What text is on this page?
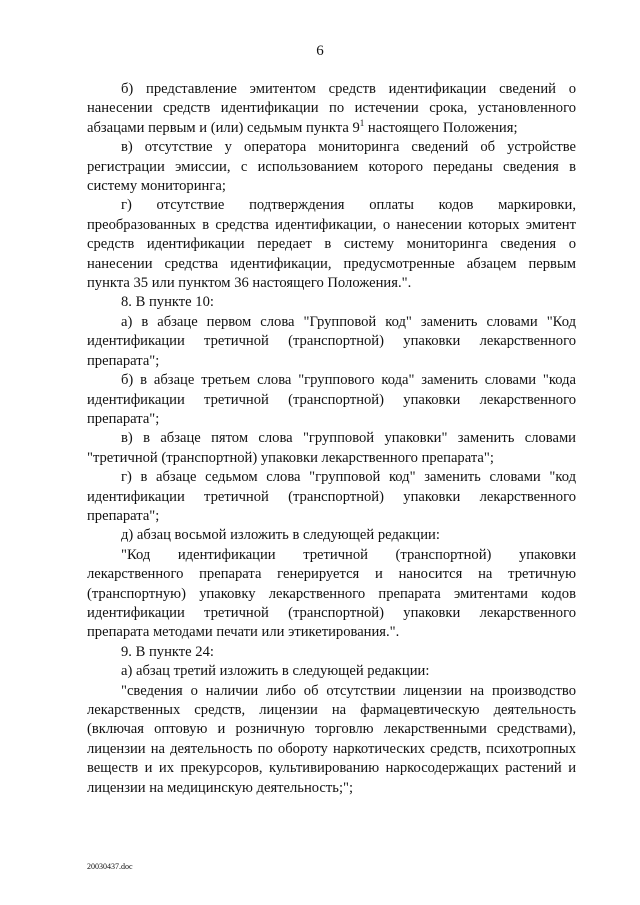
6

б) представление эмитентом средств идентификации сведений о нанесении средств идентификации по истечении срока, установленного абзацами первым и (или) седьмым пункта $9^1$ настоящего Положения;

в) отсутствие у оператора мониторинга сведений об устройстве регистрации эмиссии, с использованием которого переданы сведения в систему мониторинга;

г) отсутствие подтверждения оплаты кодов маркировки, преобразованных в средства идентификации, о нанесении которых эмитент средств идентификации передает в систему мониторинга сведения о нанесении средства идентификации, предусмотренные абзацем первым пункта 35 или пунктом 36 настоящего Положения.".

8. В пункте 10:

а) в абзаце первом слова "Групповой код" заменить словами "Код идентификации третичной (транспортной) упаковки лекарственного препарата";

б) в абзаце третьем слова "группового кода" заменить словами "кода идентификации третичной (транспортной) упаковки лекарственного препарата";

в) в абзаце пятом слова "групповой упаковки" заменить словами "третичной (транспортной) упаковки лекарственного препарата";

г) в абзаце седьмом слова "групповой код" заменить словами "код идентификации третичной (транспортной) упаковки лекарственного препарата";

д) абзац восьмой изложить в следующей редакции:

"Код идентификации третичной (транспортной) упаковки лекарственного препарата генерируется и наносится на третичную (транспортную) упаковку лекарственного препарата эмитентами кодов идентификации третичной (транспортной) упаковки лекарственного препарата методами печати или этикетирования.".

9. В пункте 24:

а) абзац третий изложить в следующей редакции:

"сведения о наличии либо об отсутствии лицензии на производство лекарственных средств, лицензии на фармацевтическую деятельность (включая оптовую и розничную торговлю лекарственными средствами), лицензии на деятельность по обороту наркотических средств, психотропных веществ и их прекурсоров, культивированию наркосодержащих растений и лицензии на медицинскую деятельность;";

20030437.doc
